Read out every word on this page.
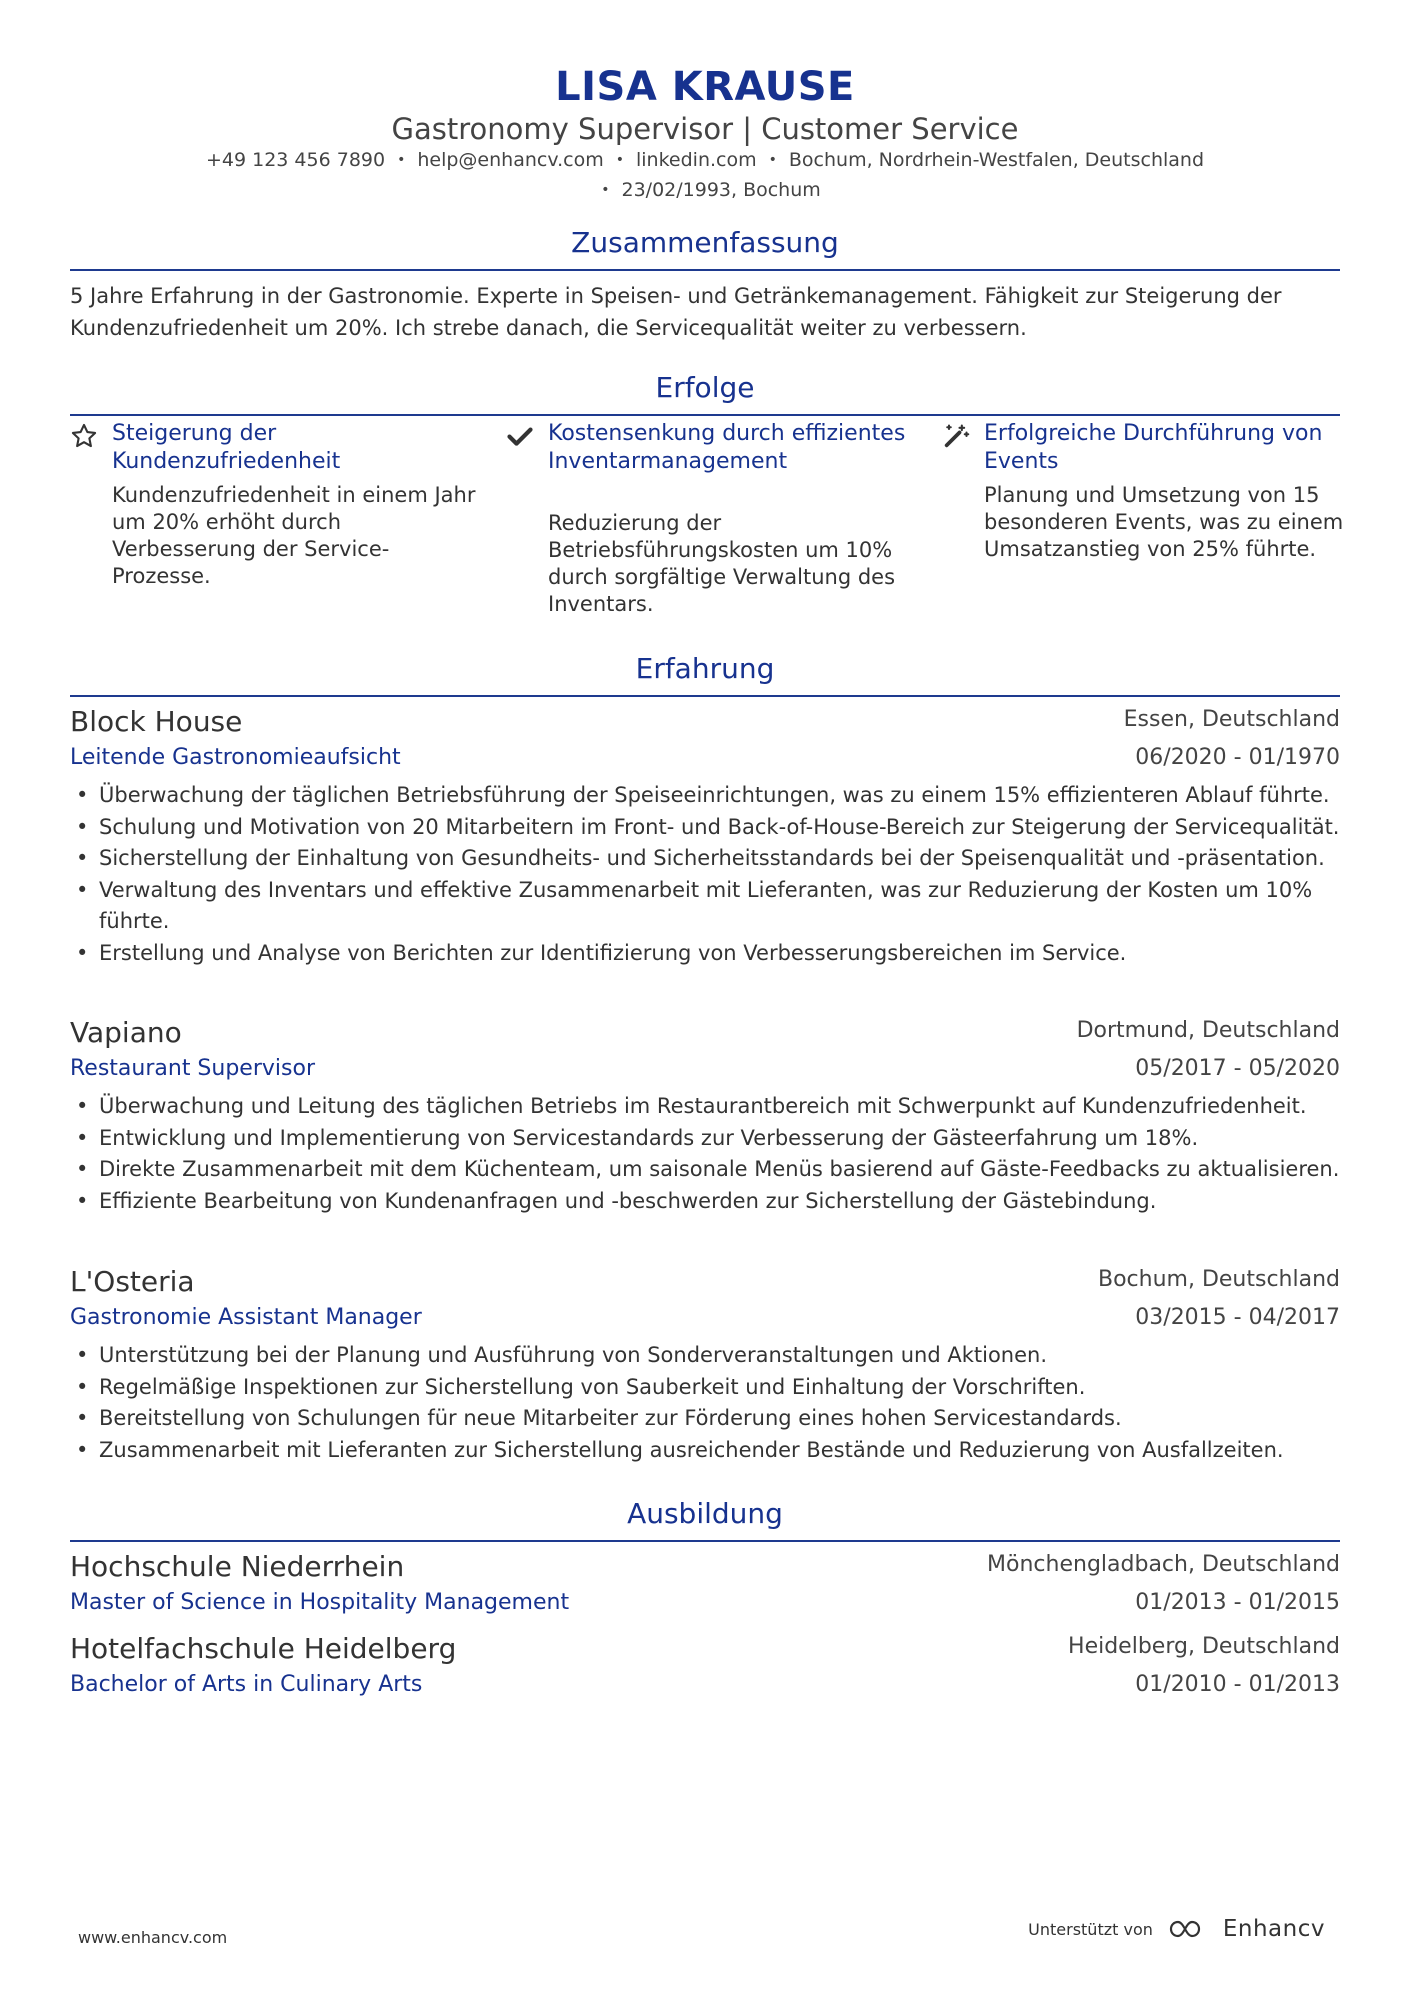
LISA KRAUSE
Gastronomy Supervisor | Customer Service
+49 123 456 7890 • help@enhancv.com • linkedin.com • Bochum, Nordrhein-Westfalen, Deutschland
• 23/02/1993, Bochum
Zusammenfassung
5 Jahre Erfahrung in der Gastronomie. Experte in Speisen- und Getränkemanagement. Fähigkeit zur Steigerung der Kundenzufriedenheit um 20%. Ich strebe danach, die Servicequalität weiter zu verbessern.
Erfolge
Steigerung der Kundenzufriedenheit
Kundenzufriedenheit in einem Jahr um 20% erhöht durch Verbesserung der Service-Prozesse.
Kostensenkung durch effizientes Inventarmanagement
Reduzierung der Betriebsführungskosten um 10% durch sorgfältige Verwaltung des Inventars.
Erfolgreiche Durchführung von Events
Planung und Umsetzung von 15 besonderen Events, was zu einem Umsatzanstieg von 25% führte.
Erfahrung
Block House	Essen, Deutschland
Leitende Gastronomieaufsicht	06/2020 - 01/1970
• Überwachung der täglichen Betriebsführung der Speiseeinrichtungen, was zu einem 15% effizienteren Ablauf führte.
• Schulung und Motivation von 20 Mitarbeitern im Front- und Back-of-House-Bereich zur Steigerung der Servicequalität.
• Sicherstellung der Einhaltung von Gesundheits- und Sicherheitsstandards bei der Speisenqualität und -präsentation.
• Verwaltung des Inventars und effektive Zusammenarbeit mit Lieferanten, was zur Reduzierung der Kosten um 10% führte.
• Erstellung und Analyse von Berichten zur Identifizierung von Verbesserungsbereichen im Service.
Vapiano	Dortmund, Deutschland
Restaurant Supervisor	05/2017 - 05/2020
• Überwachung und Leitung des täglichen Betriebs im Restaurantbereich mit Schwerpunkt auf Kundenzufriedenheit.
• Entwicklung und Implementierung von Servicestandards zur Verbesserung der Gästeerfahrung um 18%.
• Direkte Zusammenarbeit mit dem Küchenteam, um saisonale Menüs basierend auf Gäste-Feedbacks zu aktualisieren.
• Effiziente Bearbeitung von Kundenanfragen und -beschwerden zur Sicherstellung der Gästebindung.
L'Osteria	Bochum, Deutschland
Gastronomie Assistant Manager	03/2015 - 04/2017
• Unterstützung bei der Planung und Ausführung von Sonderveranstaltungen und Aktionen.
• Regelmäßige Inspektionen zur Sicherstellung von Sauberkeit und Einhaltung der Vorschriften.
• Bereitstellung von Schulungen für neue Mitarbeiter zur Förderung eines hohen Servicestandards.
• Zusammenarbeit mit Lieferanten zur Sicherstellung ausreichender Bestände und Reduzierung von Ausfallzeiten.
Ausbildung
Hochschule Niederrhein	Mönchengladbach, Deutschland
Master of Science in Hospitality Management	01/2013 - 01/2015
Hotelfachschule Heidelberg	Heidelberg, Deutschland
Bachelor of Arts in Culinary Arts	01/2010 - 01/2013
www.enhancv.com	Unterstützt von	Enhancv
